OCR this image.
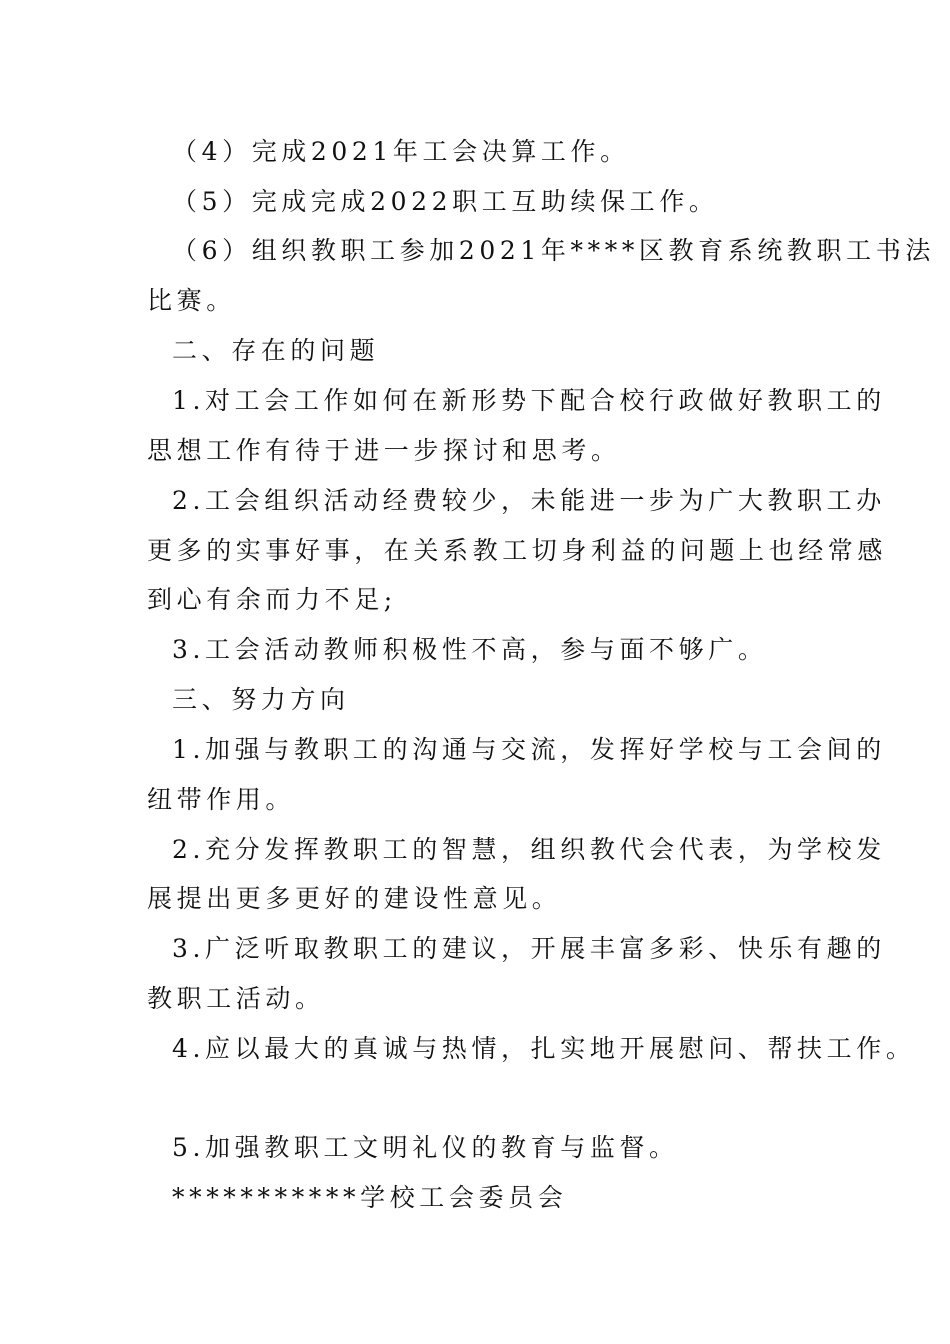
（4）完成2021年工会决算工作。
（5）完成完成2022职工互助续保工作。
（6）组织教职工参加2021年****区教育系统教职工书法
比赛。
二、存在的问题
1.对工会工作如何在新形势下配合校行政做好教职工的
思想工作有待于进一步探讨和思考。
2.工会组织活动经费较少，未能进一步为广大教职工办
更多的实事好事，在关系教工切身利益的问题上也经常感
到心有余而力不足;
3.工会活动教师积极性不高，参与面不够广。
三、努力方向
1.加强与教职工的沟通与交流，发挥好学校与工会间的
纽带作用。
2.充分发挥教职工的智慧，组织教代会代表，为学校发
展提出更多更好的建设性意见。
3.广泛听取教职工的建议，开展丰富多彩、快乐有趣的
教职工活动。
4.应以最大的真诚与热情，扎实地开展慰问、帮扶工作。
5.加强教职工文明礼仪的教育与监督。
***********学校工会委员会
